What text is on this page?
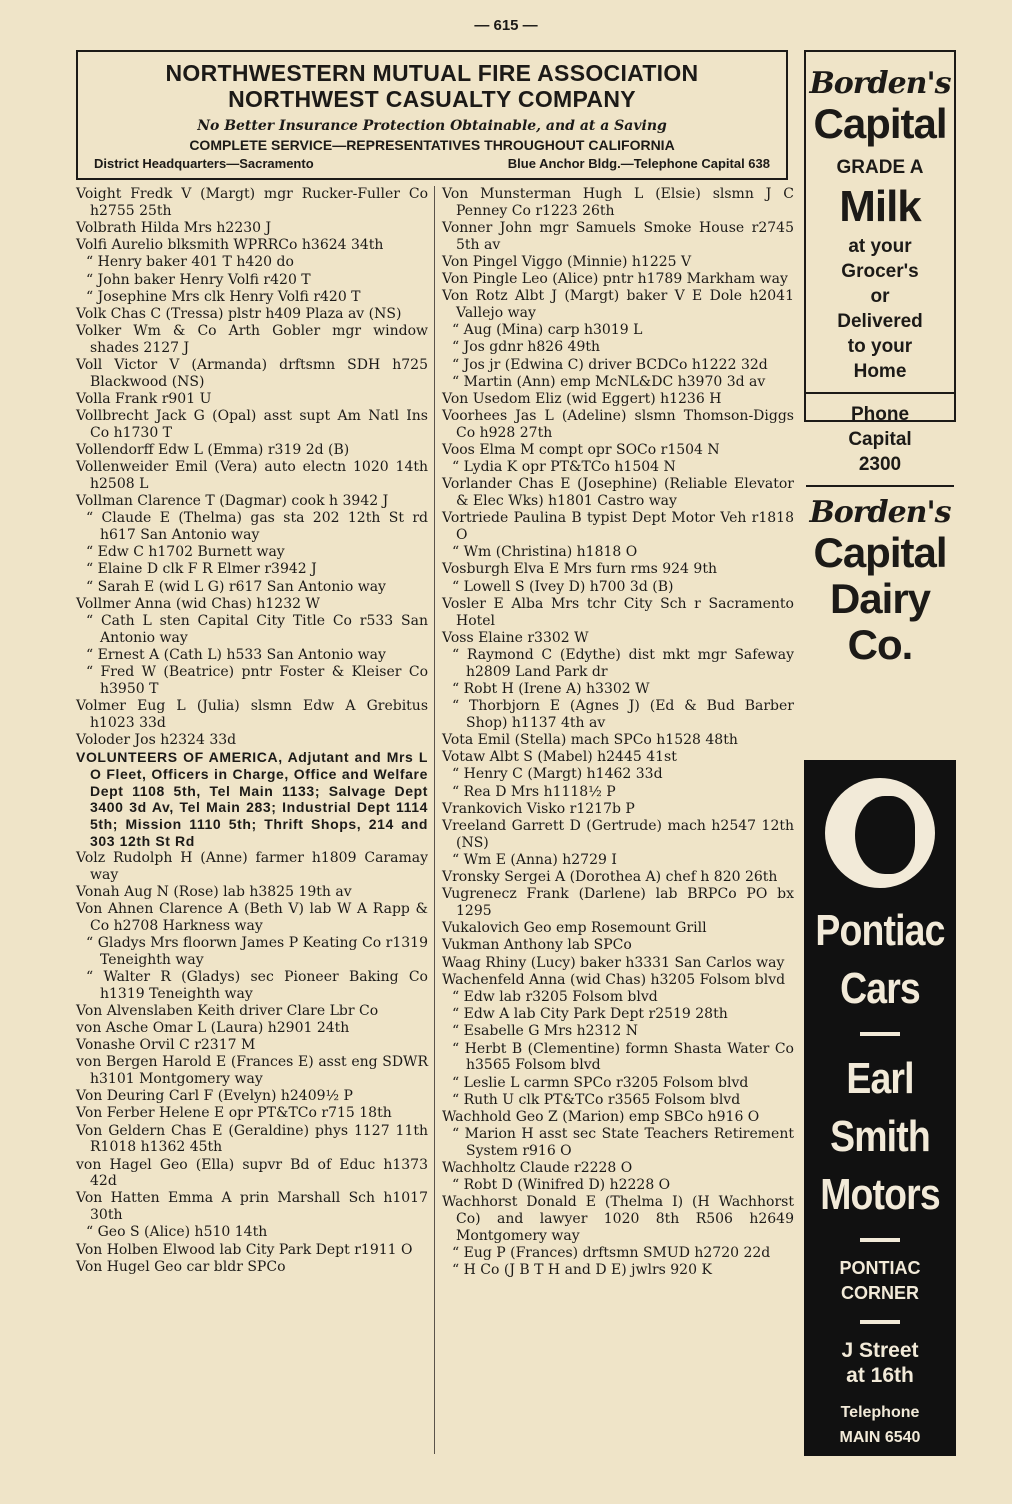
— 615 —
NORTHWESTERN MUTUAL FIRE ASSOCIATION
NORTHWEST CASUALTY COMPANY
No Better Insurance Protection Obtainable, and at a Saving
COMPLETE SERVICE—REPRESENTATIVES THROUGHOUT CALIFORNIA
District Headquarters—Sacramento	Blue Anchor Bldg.—Telephone Capital 638
Voight Fredk V (Margt) mgr Rucker-Fuller Co h2755 25th
Volbrath Hilda Mrs h2230 J
Volfi Aurelio blksmith WPRRCo h3624 34th
“ Henry baker 401 T h420 do
“ John baker Henry Volfi r420 T
“ Josephine Mrs clk Henry Volfi r420 T
Volk Chas C (Tressa) plstr h409 Plaza av (NS)
Volker Wm & Co Arth Gobler mgr window shades 2127 J
Voll Victor V (Armanda) drftsmn SDH h725 Blackwood (NS)
Volla Frank r901 U
Vollbrecht Jack G (Opal) asst supt Am Natl Ins Co h1730 T
Vollendorff Edw L (Emma) r319 2d (B)
Vollenweider Emil (Vera) auto electn 1020 14th h2508 L
Vollman Clarence T (Dagmar) cook h 3942 J
“ Claude E (Thelma) gas sta 202 12th St rd h617 San Antonio way
“ Edw C h1702 Burnett way
“ Elaine D clk F R Elmer r3942 J
“ Sarah E (wid L G) r617 San Antonio way
Vollmer Anna (wid Chas) h1232 W
“ Cath L sten Capital City Title Co r533 San Antonio way
“ Ernest A (Cath L) h533 San Antonio way
“ Fred W (Beatrice) pntr Foster & Kleiser Co h3950 T
Volmer Eug L (Julia) slsmn Edw A Grebitus h1023 33d
Voloder Jos h2324 33d
VOLUNTEERS OF AMERICA, Adjutant and Mrs L O Fleet, Officers in Charge, Office and Welfare Dept 1108 5th, Tel Main 1133; Salvage Dept 3400 3d Av, Tel Main 283; Industrial Dept 1114 5th; Mission 1110 5th; Thrift Shops, 214 and 303 12th St Rd
Volz Rudolph H (Anne) farmer h1809 Caramay way
Vonah Aug N (Rose) lab h3825 19th av
Von Ahnen Clarence A (Beth V) lab W A Rapp & Co h2708 Harkness way
“ Gladys Mrs floorwn James P Keating Co r1319 Teneighth way
“ Walter R (Gladys) sec Pioneer Baking Co h1319 Teneighth way
Von Alvenslaben Keith driver Clare Lbr Co
von Asche Omar L (Laura) h2901 24th
Vonashe Orvil C r2317 M
von Bergen Harold E (Frances E) asst eng SDWR h3101 Montgomery way
Von Deuring Carl F (Evelyn) h2409½ P
Von Ferber Helene E opr PT&TCo r715 18th
Von Geldern Chas E (Geraldine) phys 1127 11th R1018 h1362 45th
von Hagel Geo (Ella) supvr Bd of Educ h1373 42d
Von Hatten Emma A prin Marshall Sch h1017 30th
“ Geo S (Alice) h510 14th
Von Holben Elwood lab City Park Dept r1911 O
Von Hugel Geo car bldr SPCo
Von Munsterman Hugh L (Elsie) slsmn J C Penney Co r1223 26th
Vonner John mgr Samuels Smoke House r2745 5th av
Von Pingel Viggo (Minnie) h1225 V
Von Pingle Leo (Alice) pntr h1789 Markham way
Von Rotz Albt J (Margt) baker V E Dole h2041 Vallejo way
“ Aug (Mina) carp h3019 L
“ Jos gdnr h826 49th
“ Jos jr (Edwina C) driver BCDCo h1222 32d
“ Martin (Ann) emp McNL&DC h3970 3d av
Von Usedom Eliz (wid Eggert) h1236 H
Voorhees Jas L (Adeline) slsmn Thomson-Diggs Co h928 27th
Voos Elma M compt opr SOCo r1504 N
“ Lydia K opr PT&TCo h1504 N
Vorlander Chas E (Josephine) (Reliable Elevator & Elec Wks) h1801 Castro way
Vortriede Paulina B typist Dept Motor Veh r1818 O
“ Wm (Christina) h1818 O
Vosburgh Elva E Mrs furn rms 924 9th
“ Lowell S (Ivey D) h700 3d (B)
Vosler E Alba Mrs tchr City Sch r Sacramento Hotel
Voss Elaine r3302 W
“ Raymond C (Edythe) dist mkt mgr Safeway h2809 Land Park dr
“ Robt H (Irene A) h3302 W
“ Thorbjorn E (Agnes J) (Ed & Bud Barber Shop) h1137 4th av
Vota Emil (Stella) mach SPCo h1528 48th
Votaw Albt S (Mabel) h2445 41st
“ Henry C (Margt) h1462 33d
“ Rea D Mrs h1118½ P
Vrankovich Visko r1217b P
Vreeland Garrett D (Gertrude) mach h2547 12th (NS)
“ Wm E (Anna) h2729 I
Vronsky Sergei A (Dorothea A) chef h 820 26th
Vugrenecz Frank (Darlene) lab BRPCo PO bx 1295
Vukalovich Geo emp Rosemount Grill
Vukman Anthony lab SPCo
Waag Rhiny (Lucy) baker h3331 San Carlos way
Wachenfeld Anna (wid Chas) h3205 Folsom blvd
“ Edw lab r3205 Folsom blvd
“ Edw A lab City Park Dept r2519 28th
“ Esabelle G Mrs h2312 N
“ Herbt B (Clementine) formn Shasta Water Co h3565 Folsom blvd
“ Leslie L carmn SPCo r3205 Folsom blvd
“ Ruth U clk PT&TCo r3565 Folsom blvd
Wachhold Geo Z (Marion) emp SBCo h916 O
“ Marion H asst sec State Teachers Retirement System r916 O
Wachholtz Claude r2228 O
“ Robt D (Winifred D) h2228 O
Wachhorst Donald E (Thelma I) (H Wachhorst Co) and lawyer 1020 8th R506 h2649 Montgomery way
“ Eug P (Frances) drftsmn SMUD h2720 22d
“ H Co (J B T H and D E) jwlrs 920 K
Borden's
Capital
GRADE A
Milk
at your
Grocer's
or
Delivered
to your
Home
Phone
Capital
2300
Borden's
Capital
Dairy
Co.
Pontiac
Cars
Earl
Smith
Motors
PONTIAC
CORNER
J Street
at 16th
Telephone
MAIN 6540
